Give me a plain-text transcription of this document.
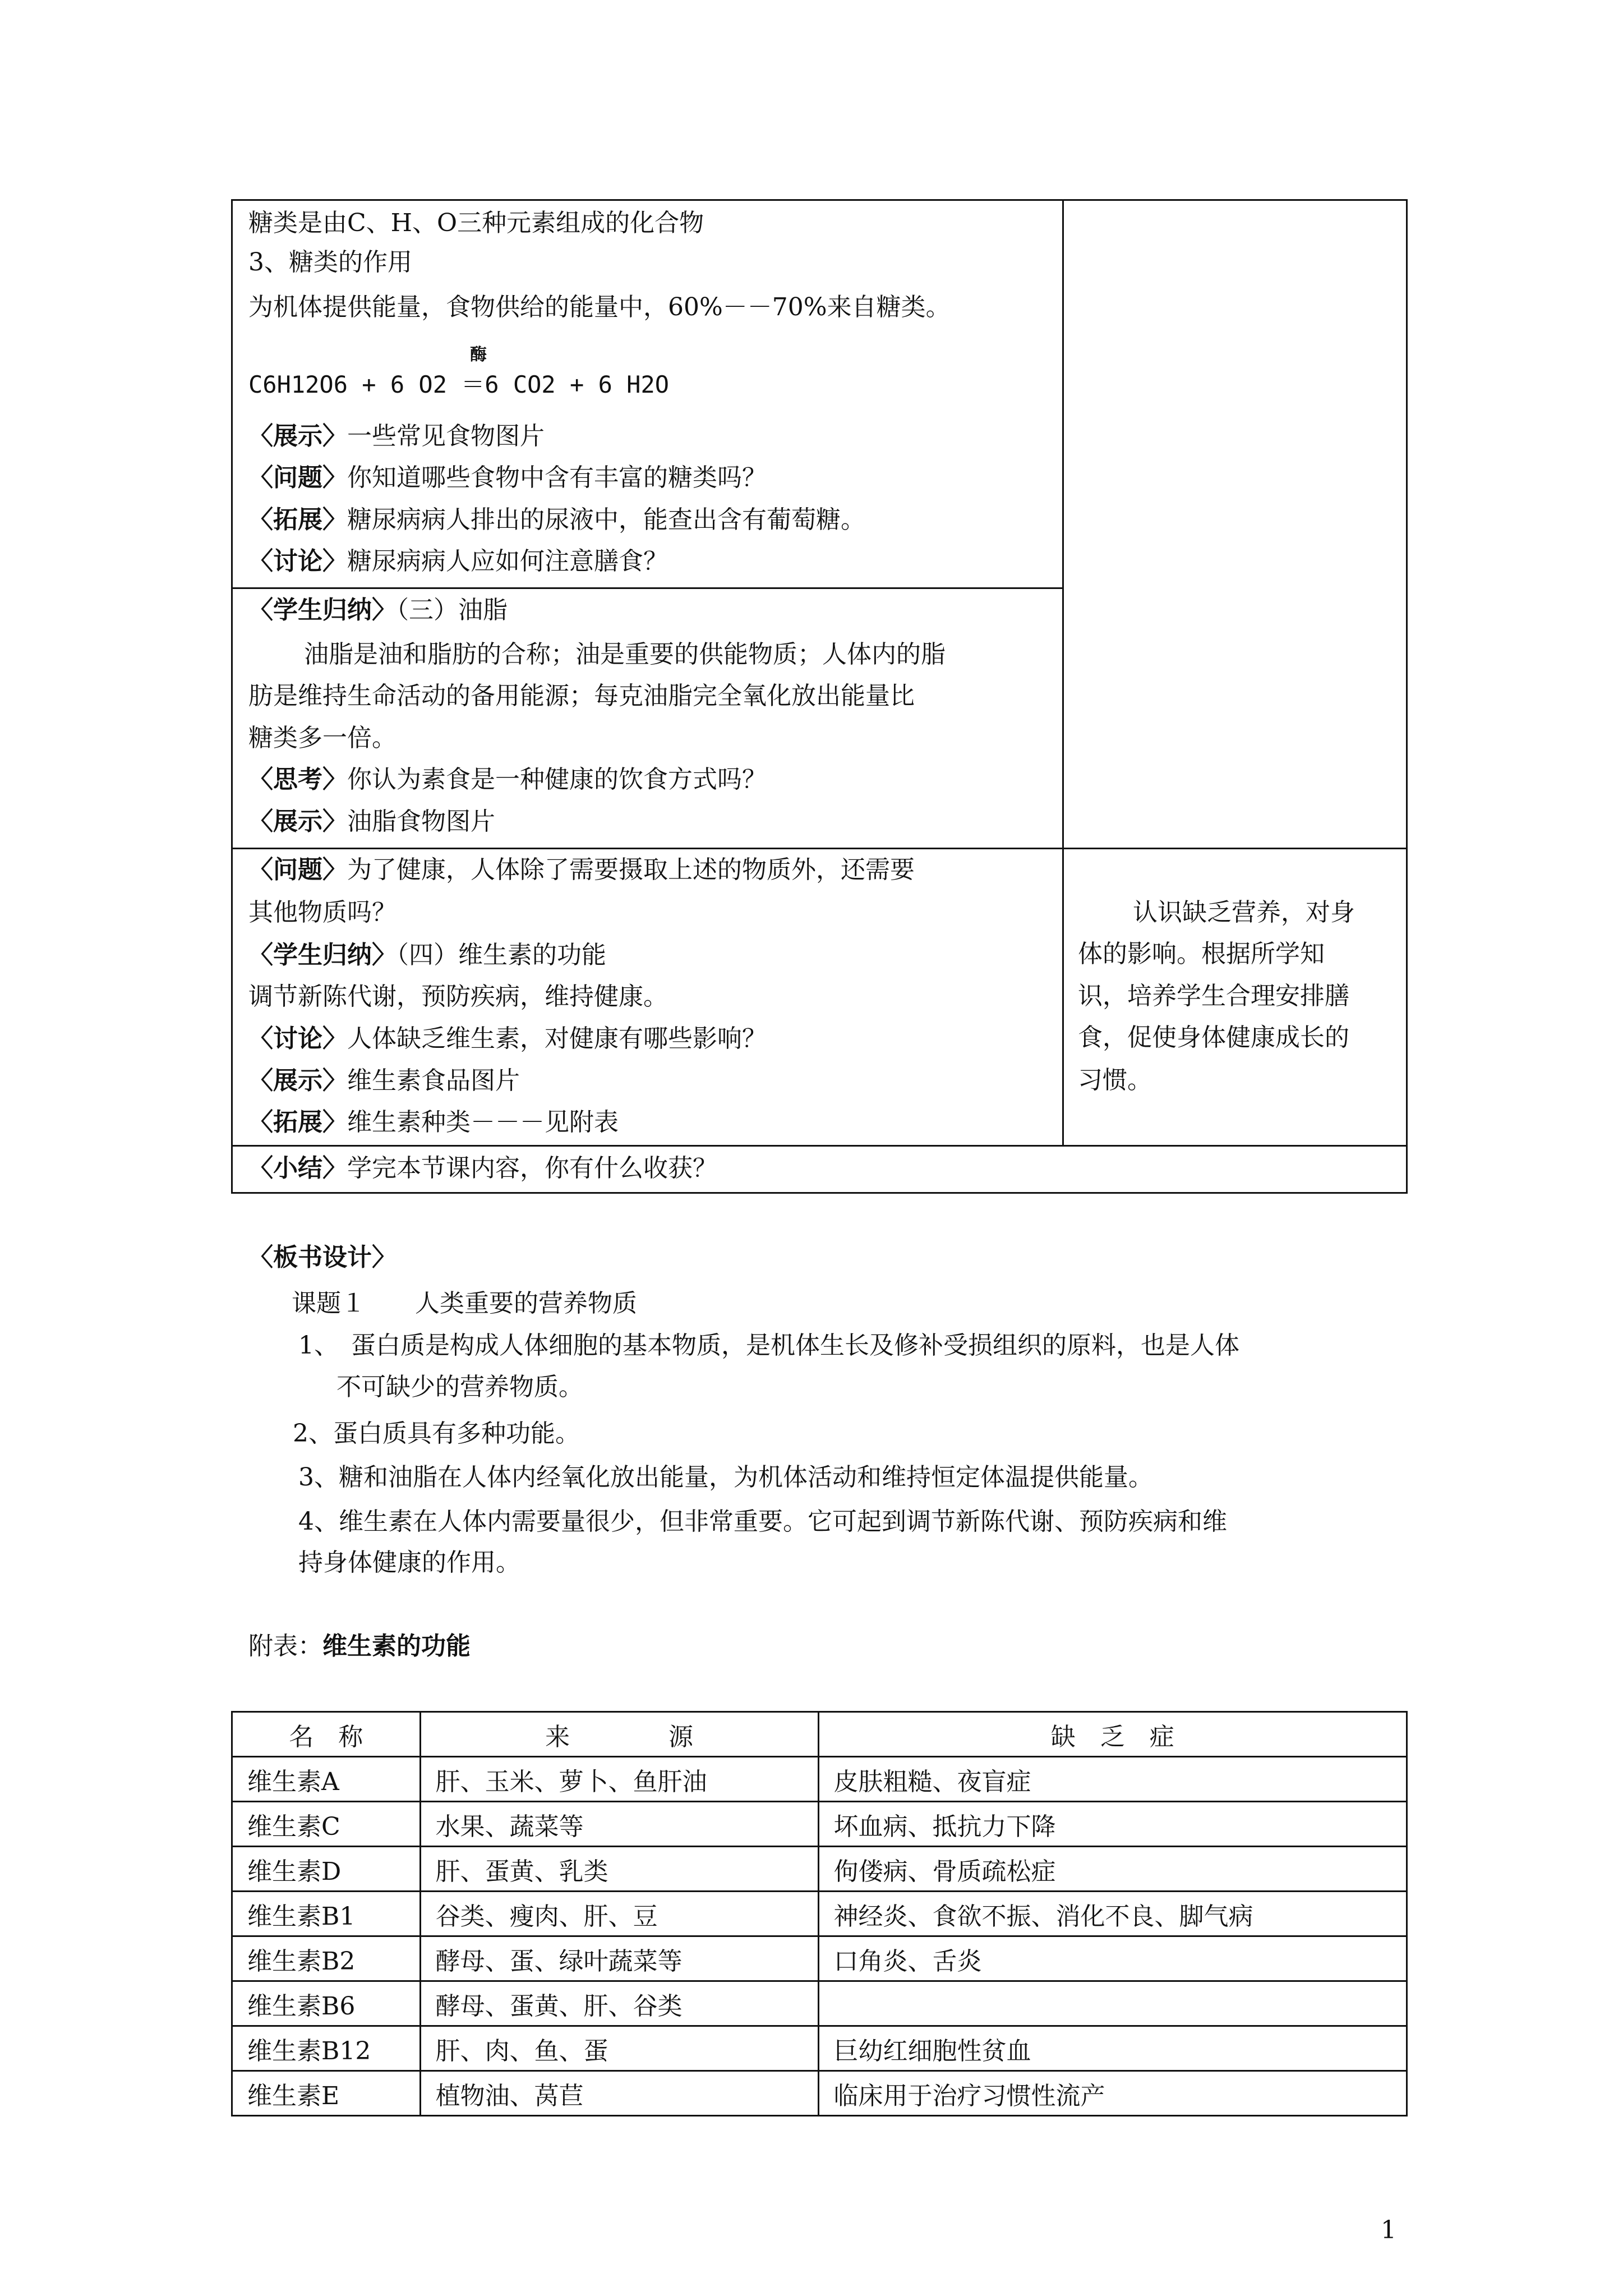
糖类是由C、H、O三种元素组成的化合物
3、糖类的作用
为机体提供能量，食物供给的能量中，60%－－70%来自糖类。
酶
C6H12O6 + 6 O2 ＝6 CO2 + 6 H2O
〈展示〉一些常见食物图片
〈问题〉你知道哪些食物中含有丰富的糖类吗？
〈拓展〉糖尿病病人排出的尿液中，能查出含有葡萄糖。
〈讨论〉糖尿病病人应如何注意膳食？
〈学生归纳〉（三）油脂
油脂是油和脂肪的合称；油是重要的供能物质；人体内的脂
肪是维持生命活动的备用能源；每克油脂完全氧化放出能量比
糖类多一倍。
〈思考〉你认为素食是一种健康的饮食方式吗？
〈展示〉油脂食物图片
〈问题〉为了健康，人体除了需要摄取上述的物质外，还需要
其他物质吗？
〈学生归纳〉（四）维生素的功能
调节新陈代谢，预防疾病，维持健康。
〈讨论〉人体缺乏维生素，对健康有哪些影响？
〈展示〉维生素食品图片
〈拓展〉维生素种类－－－见附表
认识缺乏营养，对身
体的影响。根据所学知
识，培养学生合理安排膳
食，促使身体健康成长的
习惯。
〈小结〉学完本节课内容，你有什么收获？
〈板书设计〉
课题１　　人类重要的营养物质
1、　蛋白质是构成人体细胞的基本物质，是机体生长及修补受损组织的原料，也是人体
不可缺少的营养物质。
2、蛋白质具有多种功能。
3、糖和油脂在人体内经氧化放出能量，为机体活动和维持恒定体温提供能量。
4、维生素在人体内需要量很少，但非常重要。它可起到调节新陈代谢、预防疾病和维
持身体健康的作用。
附表：维生素的功能
名　称	来　　　　源	缺　乏　症
维生素A	肝、玉米、萝卜、鱼肝油	皮肤粗糙、夜盲症
维生素C	水果、蔬菜等	坏血病、抵抗力下降
维生素D	肝、蛋黄、乳类	佝偻病、骨质疏松症
维生素B1	谷类、瘦肉、肝、豆	神经炎、食欲不振、消化不良、脚气病
维生素B2	酵母、蛋、绿叶蔬菜等	口角炎、舌炎
维生素B6	酵母、蛋黄、肝、谷类	
维生素B12	肝、肉、鱼、蛋	巨幼红细胞性贫血
维生素E	植物油、莴苣	临床用于治疗习惯性流产
1
